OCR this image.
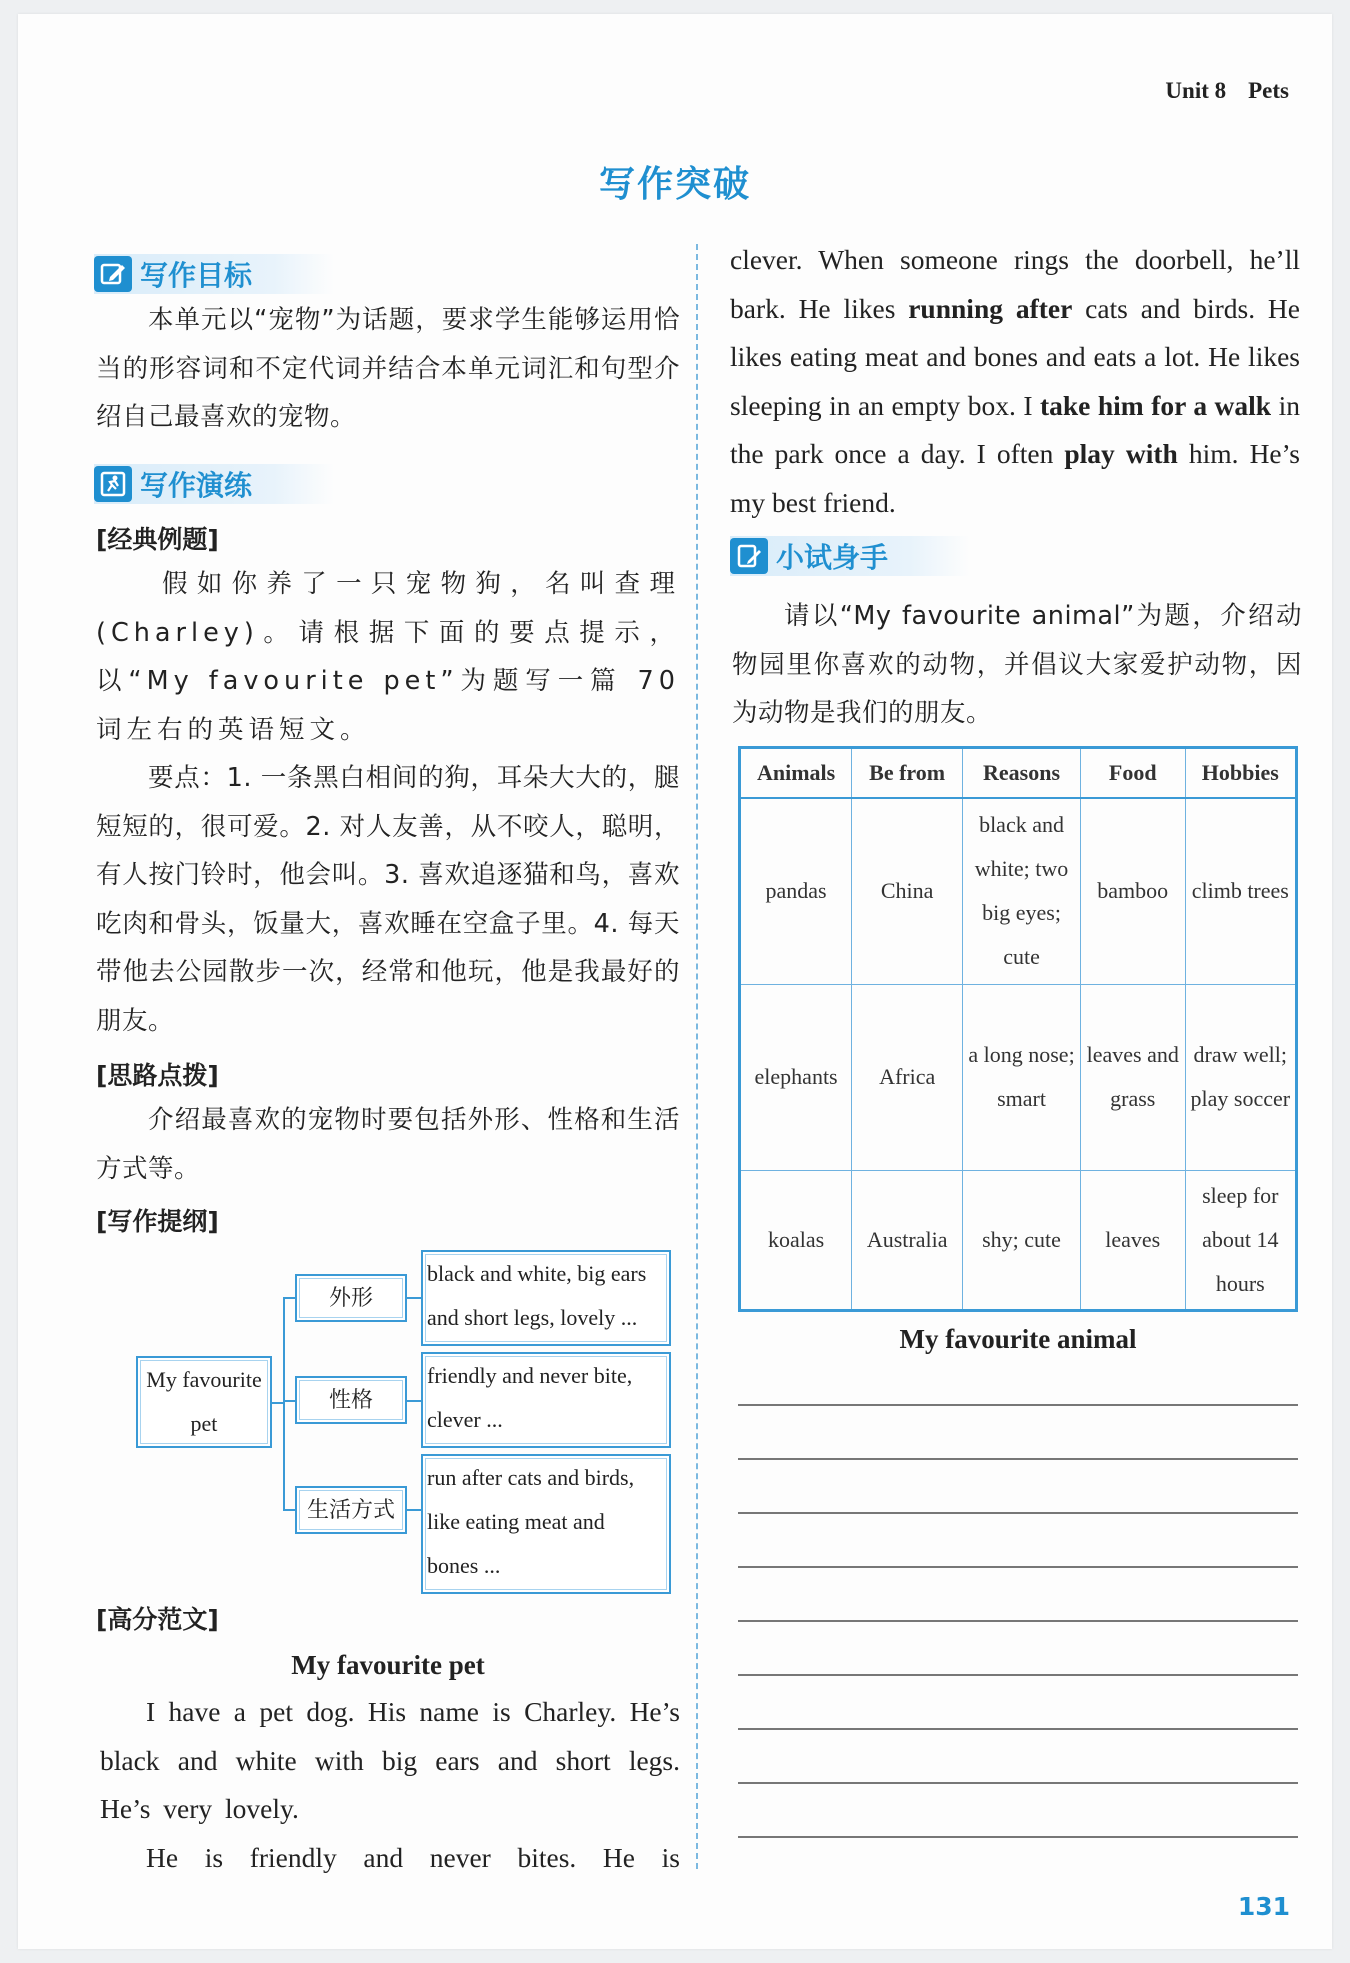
Unit 8 Pets
写作突破
写作目标
本单元以“宠物”为话题，要求学生能够运用恰当的形容词和不定代词并结合本单元词汇和句型介绍自己最喜欢的宠物。
写作演练
[经典例题]
假如你养了一只宠物狗，名叫查理(Charley)。请根据下面的要点提示，以“My favourite pet”为题写一篇 70 词左右的英语短文。
要点：1. 一条黑白相间的狗，耳朵大大的，腿短短的，很可爱。2. 对人友善，从不咬人，聪明，有人按门铃时，他会叫。3. 喜欢追逐猫和鸟，喜欢吃肉和骨头，饭量大，喜欢睡在空盒子里。4. 每天带他去公园散步一次，经常和他玩，他是我最好的朋友。
[思路点拨]
介绍最喜欢的宠物时要包括外形、性格和生活方式等。
[写作提纲]
My favourite
pet
外形
性格
生活方式
black and white, big ears
and short legs, lovely ...
friendly and never bite,
clever ...
run after cats and birds,
like eating meat and
bones ...
[高分范文]
My favourite pet
I have a pet dog. His name is Charley. He’s black and white with big ears and short legs. He’s very lovely.
He is friendly and never bites. He is
clever. When someone rings the doorbell, he’ll bark. He likes running after cats and birds. He likes eating meat and bones and eats a lot. He likes sleeping in an empty box. I take him for a walk in the park once a day. I often play with him. He’s my best friend.
小试身手
请以“My favourite animal”为题，介绍动物园里你喜欢的动物，并倡议大家爱护动物，因为动物是我们的朋友。
Animals	Be from	Reasons	Food	Hobbies
pandas	China	black and white; two big eyes; cute	bamboo	climb trees
elephants	Africa	a long nose; smart	leaves and grass	draw well; play soccer
koalas	Australia	shy; cute	leaves	sleep for about 14 hours
My favourite animal
131
